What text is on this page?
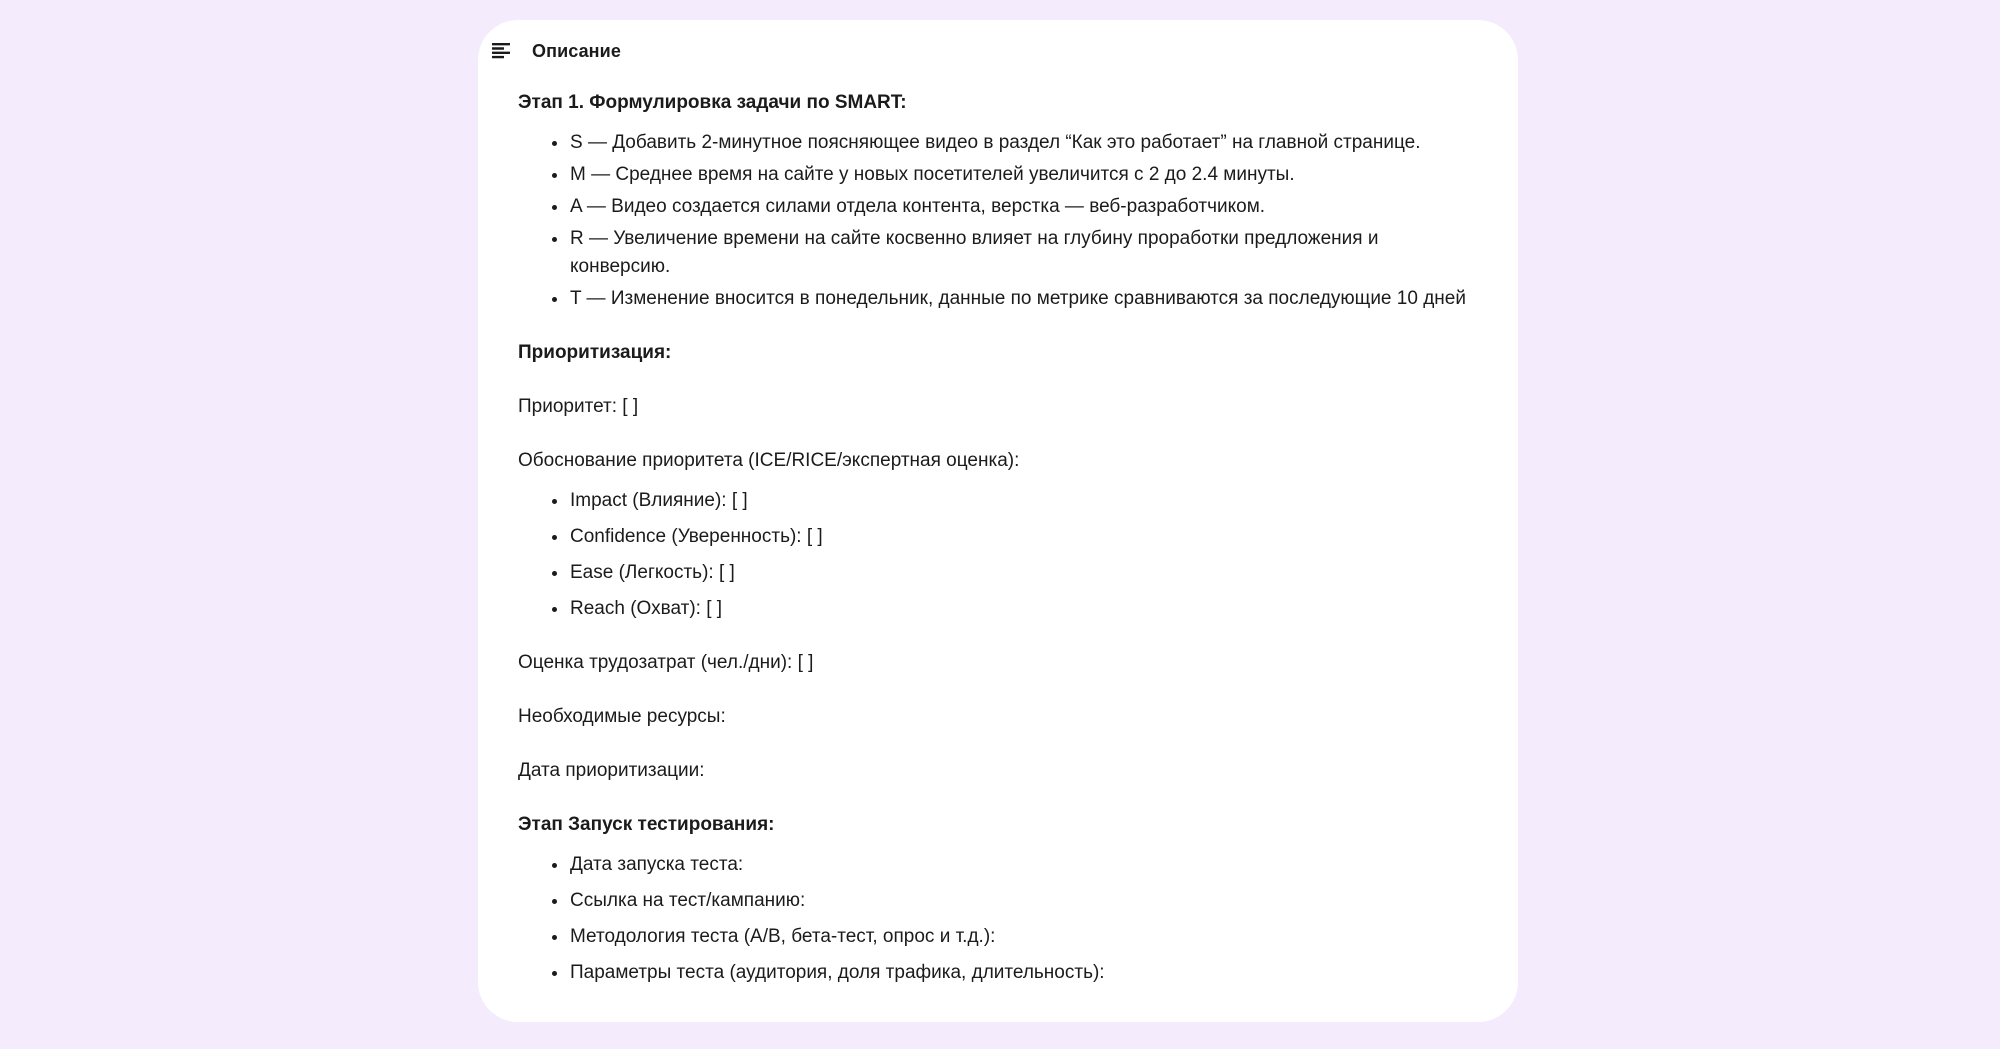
Описание

Этап 1. Формулировка задачи по SMART:

S — Добавить 2-минутное поясняющее видео в раздел “Как это работает” на главной странице.
M — Среднее время на сайте у новых посетителей увеличится с 2 до 2.4 минуты.
A — Видео создается силами отдела контента, верстка — веб-разработчиком.
R — Увеличение времени на сайте косвенно влияет на глубину проработки предложения и конверсию.
T — Изменение вносится в понедельник, данные по метрике сравниваются за последующие 10 дней

Приоритизация:

Приоритет: [ ]

Обоснование приоритета (ICE/RICE/экспертная оценка):

Impact (Влияние): [ ]
Confidence (Уверенность): [ ]
Ease (Легкость): [ ]
Reach (Охват): [ ]

Оценка трудозатрат (чел./дни): [ ]

Необходимые ресурсы:

Дата приоритизации:

Этап Запуск тестирования:

Дата запуска теста:
Ссылка на тест/кампанию:
Методология теста (A/B, бета-тест, опрос и т.д.):
Параметры теста (аудитория, доля трафика, длительность):
